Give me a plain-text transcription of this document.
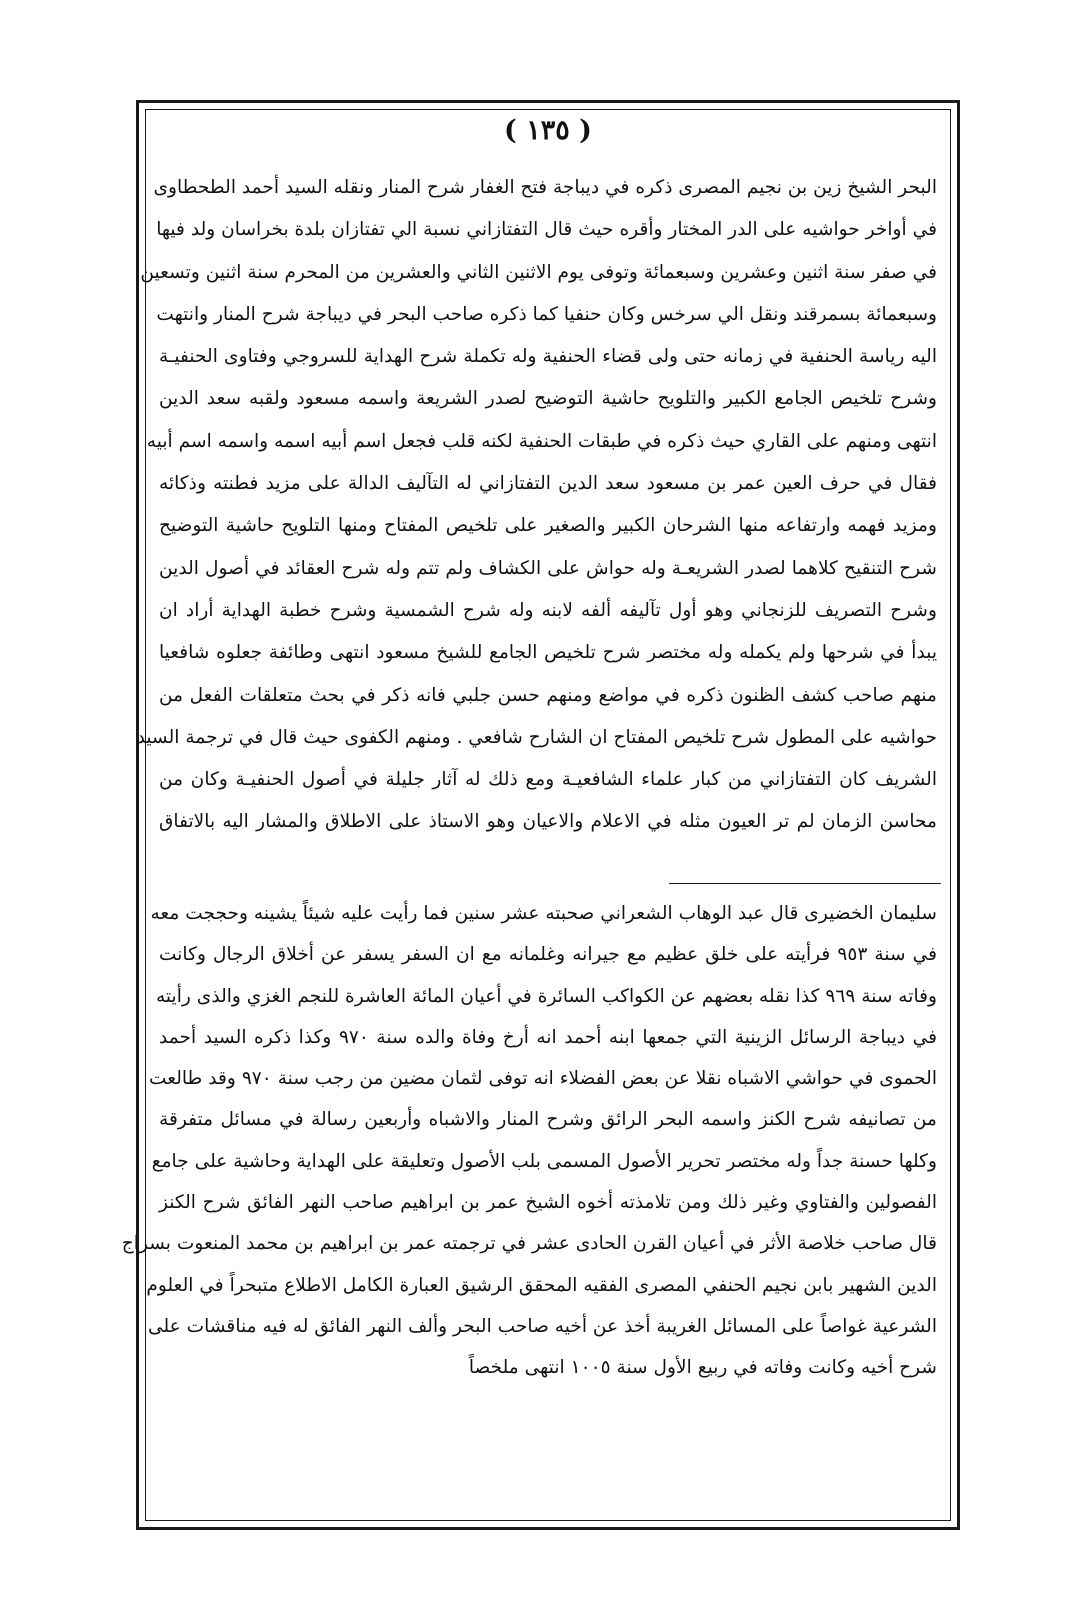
( ١٣٥ )
البحر الشيخ زين بن نجيم المصرى ذكره في ديباجة فتح الغفار شرح المنار ونقله السيد أحمد الطحطاوى
في أواخر حواشيه على الدر المختار وأقره حيث قال التفتازاني نسبة الي تفتازان بلدة بخراسان ولد فيها
في صفر سنة اثنين وعشرين وسبعمائة وتوفى يوم الاثنين الثاني والعشرين من المحرم سنة اثنين وتسعين
وسبعمائة بسمرقند ونقل الي سرخس وكان حنفيا كما ذكره صاحب البحر في ديباجة شرح المنار وانتهت
اليه رياسة الحنفية في زمانه حتى ولى قضاء الحنفية وله تكملة شرح الهداية للسروجي وفتاوى الحنفيـة
وشرح تلخيص الجامع الكبير والتلويح حاشية التوضيح لصدر الشريعة واسمه مسعود ولقبه سعد الدين
انتهى ومنهم على القاري حيث ذكره في طبقات الحنفية لكنه قلب فجعل اسم أبيه اسمه واسمه اسم أبيه
فقال في حرف العين عمر بن مسعود سعد الدين التفتازاني له التآليف الدالة على مزيد فطنته وذكائه
ومزيد فهمه وارتفاعه منها الشرحان الكبير والصغير على تلخيص المفتاح ومنها التلويح حاشية التوضيح
شرح التنقيح كلاهما لصدر الشريعـة وله حواش على الكشاف ولم تتم وله شرح العقائد في أصول الدين
وشرح التصريف للزنجاني وهو أول تآليفه ألفه لابنه وله شرح الشمسية وشرح خطبة الهداية أراد ان
يبدأ في شرحها ولم يكمله وله مختصر شرح تلخيص الجامع للشيخ مسعود انتهى وطائفة جعلوه شافعيا
منهم صاحب كشف الظنون ذكره في مواضع ومنهم حسن جلبي فانه ذكر في بحث متعلقات الفعل من
حواشيه على المطول شرح تلخيص المفتاح ان الشارح شافعي . ومنهم الكفوى حيث قال في ترجمة السيد
الشريف كان التفتازاني من كبار علماء الشافعيـة ومع ذلك له آثار جليلة في أصول الحنفيـة وكان من
محاسن الزمان لم تر العيون مثله في الاعلام والاعيان وهو الاستاذ على الاطلاق والمشار اليه بالاتفاق
سليمان الخضيرى قال عبد الوهاب الشعراني صحبته عشر سنين فما رأيت عليه شيئاً يشينه وحججت معه
في سنة ٩٥٣ فرأيته على خلق عظيم مع جيرانه وغلمانه مع ان السفر يسفر عن أخلاق الرجال وكانت
وفاته سنة ٩٦٩ كذا نقله بعضهم عن الكواكب السائرة في أعيان المائة العاشرة للنجم الغزي والذى رأيته
في ديباجة الرسائل الزينية التي جمعها ابنه أحمد انه أرخ وفاة والده سنة ٩٧٠ وكذا ذكره السيد أحمد
الحموى في حواشي الاشباه نقلا عن بعض الفضلاء انه توفى لثمان مضين من رجب سنة ٩٧٠ وقد طالعت
من تصانيفه شرح الكنز واسمه البحر الرائق وشرح المنار والاشباه وأربعين رسالة في مسائل متفرقة
وكلها حسنة جداً وله مختصر تحرير الأصول المسمى بلب الأصول وتعليقة على الهداية وحاشية على جامع
الفصولين والفتاوي وغير ذلك ومن تلامذته أخوه الشيخ عمر بن ابراهيم صاحب النهر الفائق شرح الكنز
قال صاحب خلاصة الأثر في أعيان القرن الحادى عشر في ترجمته عمر بن ابراهيم بن محمد المنعوت بسراج
الدين الشهير بابن نجيم الحنفي المصرى الفقيه المحقق الرشيق العبارة الكامل الاطلاع متبحراً في العلوم
الشرعية غواصاً على المسائل الغريبة أخذ عن أخيه صاحب البحر وألف النهر الفائق له فيه مناقشات على
شرح أخيه وكانت وفاته في ربيع الأول سنة ١٠٠٥ انتهى ملخصاً
